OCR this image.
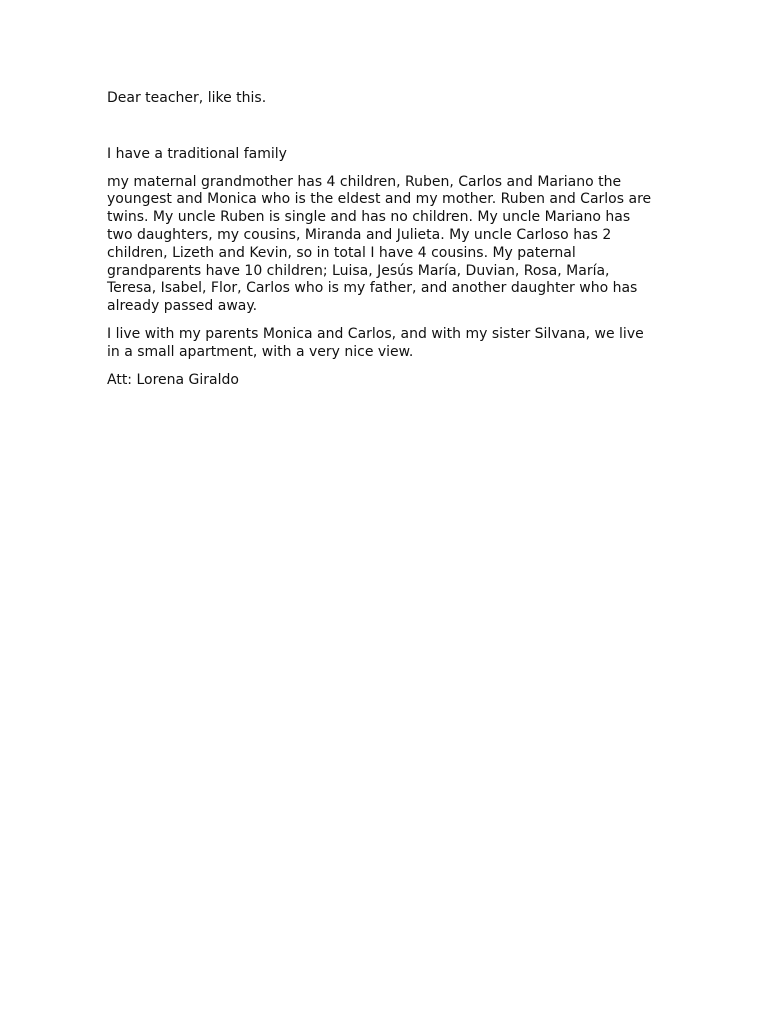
Dear teacher, like this.

I have a traditional family

my maternal grandmother has 4 children, Ruben, Carlos and Mariano the youngest and Monica who is the eldest and my mother. Ruben and Carlos are twins. My uncle Ruben is single and has no children. My uncle Mariano has two daughters, my cousins, Miranda and Julieta. My uncle Carloso has 2 children, Lizeth and Kevin, so in total I have 4 cousins. My paternal grandparents have 10 children; Luisa, Jesús María, Duvian, Rosa, María, Teresa, Isabel, Flor, Carlos who is my father, and another daughter who has already passed away.

I live with my parents Monica and Carlos, and with my sister Silvana, we live in a small apartment, with a very nice view.

Att: Lorena Giraldo
